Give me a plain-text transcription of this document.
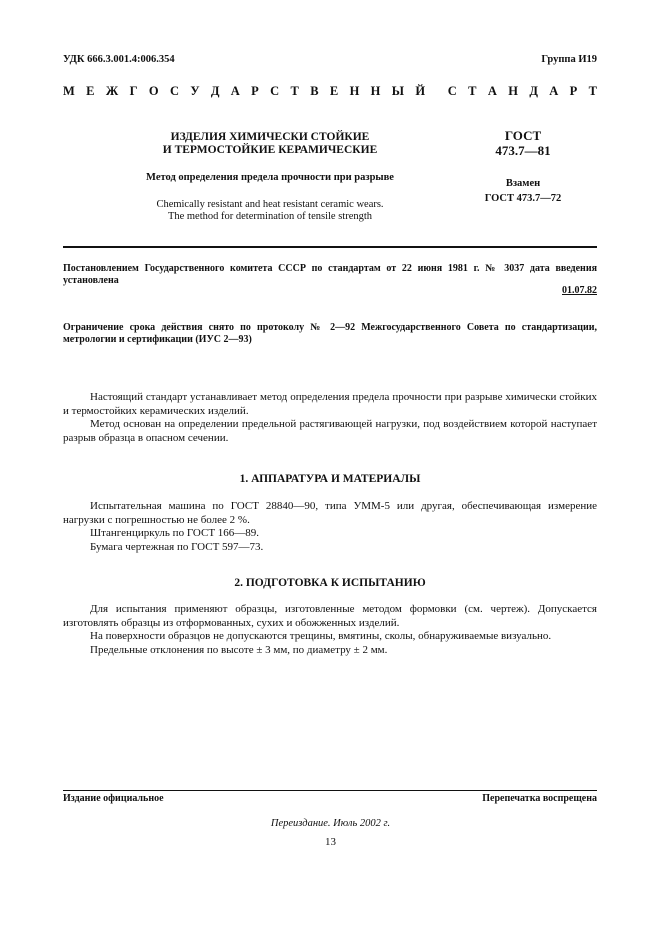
УДК 666.3.001.4:006.354	Группа И19
М Е Ж Г О С У Д А Р С Т В Е Н Н Ы Й С Т А Н Д А Р Т
ИЗДЕЛИЯ ХИМИЧЕСКИ СТОЙКИЕ
И ТЕРМОСТОЙКИЕ КЕРАМИЧЕСКИЕ
Метод определения предела прочности при разрыве
Chemically resistant and heat resistant ceramic wears.
The method for determination of tensile strength
ГОСТ
473.7—81
Взамен
ГОСТ 473.7—72
Постановлением Государственного комитета СССР по стандартам от 22 июня 1981 г. № 3037 дата введения установлена
01.07.82
Ограничение срока действия снято по протоколу № 2—92 Межгосударственного Совета по стандартизации, метрологии и сертификации (ИУС 2—93)

Настоящий стандарт устанавливает метод определения предела прочности при разрыве химически стойких и термостойких керамических изделий.

Метод основан на определении предельной растягивающей нагрузки, под воздействием которой наступает разрыв образца в опасном сечении.

1. АППАРАТУРА И МАТЕРИАЛЫ

Испытательная машина по ГОСТ 28840—90, типа УММ-5 или другая, обеспечивающая измерение нагрузки с погрешностью не более 2 %.

Штангенциркуль по ГОСТ 166—89.

Бумага чертежная по ГОСТ 597—73.

2. ПОДГОТОВКА К ИСПЫТАНИЮ

Для испытания применяют образцы, изготовленные методом формовки (см. чертеж). Допускается изготовлять образцы из отформованных, сухих и обожженных изделий.

На поверхности образцов не допускаются трещины, вмятины, сколы, обнаруживаемые визуально.

Предельные отклонения по высоте ± 3 мм, по диаметру ± 2 мм.

Издание официальное	Перепечатка воспрещена
Переиздание. Июль 2002 г.
13
